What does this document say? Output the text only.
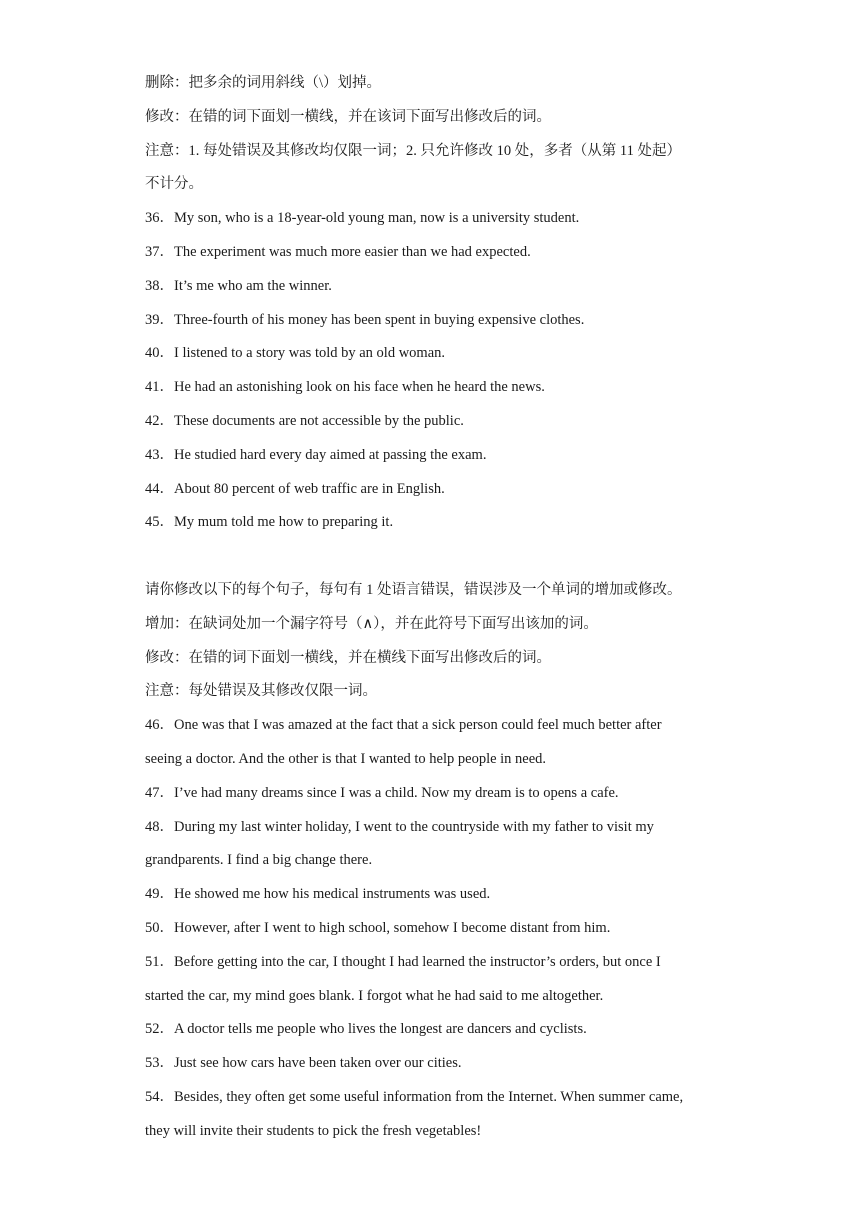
删除：把多余的词用斜线（\）划掉。
修改：在错的词下面划一横线，并在该词下面写出修改后的词。
注意：1. 每处错误及其修改均仅限一词；2. 只允许修改 10 处，多者（从第 11 处起）
不计分。
36．My son, who is a 18-year-old young man, now is a university student.
37．The experiment was much more easier than we had expected.
38．It’s me who am the winner.
39．Three-fourth of his money has been spent in buying expensive clothes.
40．I listened to a story was told by an old woman.
41．He had an astonishing look on his face when he heard the news.
42．These documents are not accessible by the public.
43．He studied hard every day aimed at passing the exam.
44．About 80 percent of web traffic are in English.
45．My mum told me how to preparing it.
请你修改以下的每个句子，每句有 1 处语言错误，错误涉及一个单词的增加或修改。
增加：在缺词处加一个漏字符号（∧），并在此符号下面写出该加的词。
修改：在错的词下面划一横线，并在横线下面写出修改后的词。
注意：每处错误及其修改仅限一词。
46．One was that I was amazed at the fact that a sick person could feel much better after
seeing a doctor. And the other is that I wanted to help people in need.
47．I’ve had many dreams since I was a child. Now my dream is to opens a cafe.
48．During my last winter holiday, I went to the countryside with my father to visit my
grandparents. I find a big change there.
49．He showed me how his medical instruments was used.
50．However, after I went to high school, somehow I become distant from him.
51．Before getting into the car, I thought I had learned the instructor’s orders, but once I
started the car, my mind goes blank. I forgot what he had said to me altogether.
52．A doctor tells me people who lives the longest are dancers and cyclists.
53．Just see how cars have been taken over our cities.
54．Besides, they often get some useful information from the Internet. When summer came,
they will invite their students to pick the fresh vegetables!
